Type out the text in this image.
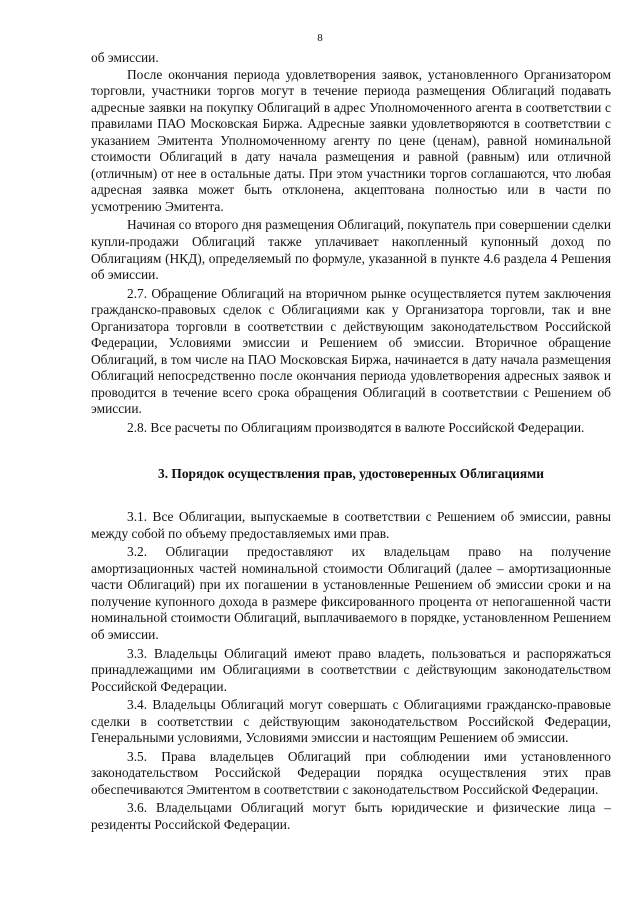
8

об эмиссии.

После окончания периода удовлетворения заявок, установленного Организатором торговли, участники торгов могут в течение периода размещения Облигаций подавать адресные заявки на покупку Облигаций в адрес Уполномоченного агента в соответствии с правилами ПАО Московская Биржа. Адресные заявки удовлетворяются в соответствии с указанием Эмитента Уполномоченному агенту по цене (ценам), равной номинальной стоимости Облигаций в дату начала размещения и равной (равным) или отличной (отличным) от нее в остальные даты. При этом участники торгов соглашаются, что любая адресная заявка может быть отклонена, акцептована полностью или в части по усмотрению Эмитента.

Начиная со второго дня размещения Облигаций, покупатель при совершении сделки купли-продажи Облигаций также уплачивает накопленный купонный доход по Облигациям (НКД), определяемый по формуле, указанной в пункте 4.6 раздела 4 Решения об эмиссии.

2.7. Обращение Облигаций на вторичном рынке осуществляется путем заключения гражданско-правовых сделок с Облигациями как у Организатора торговли, так и вне Организатора торговли в соответствии с действующим законодательством Российской Федерации, Условиями эмиссии и Решением об эмиссии. Вторичное обращение Облигаций, в том числе на ПАО Московская Биржа, начинается в дату начала размещения Облигаций непосредственно после окончания периода удовлетворения адресных заявок и проводится в течение всего срока обращения Облигаций в соответствии с Решением об эмиссии.

2.8. Все расчеты по Облигациям производятся в валюте Российской Федерации.

3. Порядок осуществления прав, удостоверенных Облигациями

3.1. Все Облигации, выпускаемые в соответствии с Решением об эмиссии, равны между собой по объему предоставляемых ими прав.

3.2. Облигации предоставляют их владельцам право на получение амортизационных частей номинальной стоимости Облигаций (далее – амортизационные части Облигаций) при их погашении в установленные Решением об эмиссии сроки и на получение купонного дохода в размере фиксированного процента от непогашенной части номинальной стоимости Облигаций, выплачиваемого в порядке, установленном Решением об эмиссии.

3.3. Владельцы Облигаций имеют право владеть, пользоваться и распоряжаться принадлежащими им Облигациями в соответствии с действующим законодательством Российской Федерации.

3.4. Владельцы Облигаций могут совершать с Облигациями гражданско-правовые сделки в соответствии с действующим законодательством Российской Федерации, Генеральными условиями, Условиями эмиссии и настоящим Решением об эмиссии.

3.5. Права владельцев Облигаций при соблюдении ими установленного законодательством Российской Федерации порядка осуществления этих прав обеспечиваются Эмитентом в соответствии с законодательством Российской Федерации.

3.6. Владельцами Облигаций могут быть юридические и физические лица – резиденты Российской Федерации.
